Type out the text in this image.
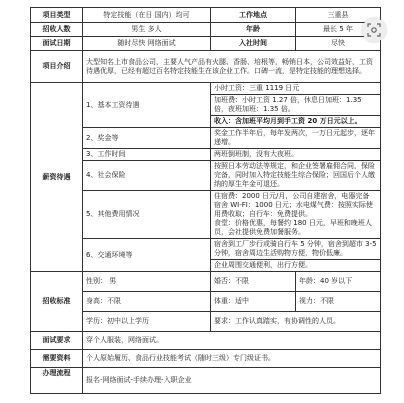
项目类型	特定技能（在日 国内）均可	工作地点	三重县
招收人数	男生 多人	年龄	最长 5 年
面试日期	随时尽快 网络面试	入社时间	尽快
项目介绍	大型知名上市食品公司，主要人气产品有火腿、香肠、培根等，畅销日本，公司效益好，工资待遇优厚，已经有超过百名特定技能生在该企业工作。口碑一流，是特定技能的理想选择。		
薪资待遇	1、基本工资待遇	小时工资：三重 1119 日元	
		加班费：小时工资 1.27 倍，休息日加班：1.35 倍，夜班加班：1.35 倍。	
		收入：含加班平均月到手工资 20 万日元以上。	
	2、奖金等	奖金工作半年后，每年发两次，一万日元起步，逐年递增。	
	3、工作时间	两班倒班制，没有大夜班。	
	4、社会保险	按照日本劳动法等规定，和企业签署雇佣合同，保险完备，同时加入特定技能生综合保险；回国后个人缴纳的厚生年金可退还。	
	5、其他费用情况	住宿费：2000 日元/月，公司自建宿舍，电器完备
宿舍 WI-FI：1000 日元；水电煤气费：按照实际使用费收取；自行车：免费提供。
食堂：价格优惠，每餐约 180 日元，早班和晚班人员，会社提供免费加餐服务。	

	6、交通环境等	宿舍到工厂步行或骑自行车 5 分钟，宿舍到超市 3-5 分钟，宿舍周边生活购物方便，物价低廉。	
		企业周围交通便利，出行方便。	
招收标准	性别： 男	婚否：不限	年龄：40 岁以下
	身高：不限	体重：适中	视力：不限
	学历：初中以上学历	要求：工作认真踏实，有协调性的人员。	
面试要求	穿个人服装，网络面试。		
需要资料	个人原始履历、食品行业技能考试（随时三级）专门级证书。		
办理流程	报名-网络面试-手续办理-入职企业		
